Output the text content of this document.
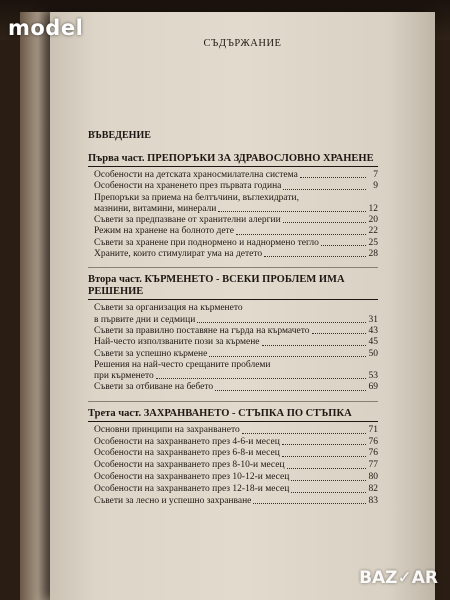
model
BAZ✓AR
СЪДЪРЖАНИЕ
ВЪВЕДЕНИЕ
Първа част. ПРЕПОРЪКИ ЗА ЗДРАВОСЛОВНО ХРАНЕНЕ
Особености на детската храносмилателна система	7
Особености на храненето през първата година	9
Препоръки за приема на белтъчини, въглехидрати,
мазнини, витамини, минерали	12
Съвети за предпазване от хранителни алергии	20
Режим на хранене на болното дете	22
Съвети за хранене при поднормено и наднормено тегло	25
Храните, които стимулират ума на детето	28
Втора част. КЪРМЕНЕТО - ВСЕКИ ПРОБЛЕМ ИМА РЕШЕНИЕ
Съвети за организация на кърменето
в първите дни и седмици	31
Съвети за правилно поставяне на гърда на кърмачето	43
Най-често използваните пози за кърмене	45
Съвети за успешно кърмене	50
Решения на най-често срещаните проблеми
при кърменето	53
Съвети за отбиване на бебето	69
Трета част. ЗАХРАНВАНЕТО - СТЪПКА ПО СТЪПКА
Основни принципи на захранването	71
Особености на захранването през 4-6-и месец	76
Особености на захранването през 6-8-и месец	76
Особености на захранването през 8-10-и месец	77
Особености на захранването през 10-12-и месец	80
Особености на захранването през 12-18-и месец	82
Съвети за лесно и успешно захранване	83
